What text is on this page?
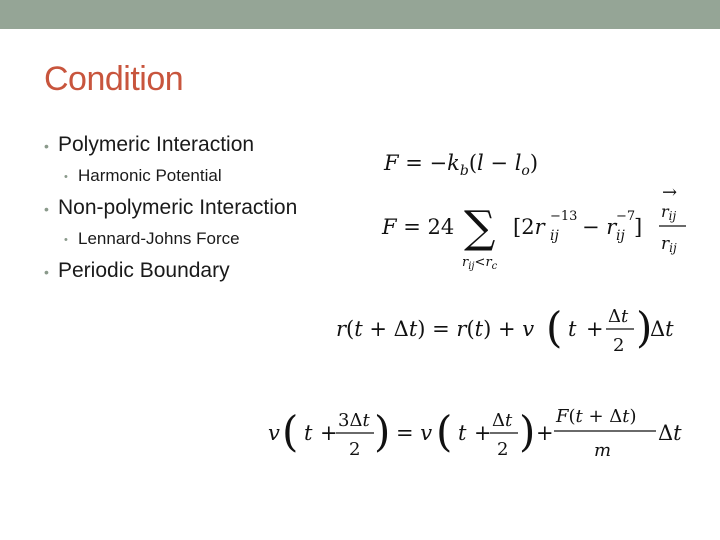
Condition
• Polymeric Interaction
• Harmonic Potential
• Non-polymeric Interaction
• Lennard-Johns Force
• Periodic Boundary
$F = -k_b(l - l_o)$
F = 24 ∑
$r_{ij}<r_c$
[2r −13
ij − r −7
ij ]
→
rij
rij
r(t + Δt) = r(t) + v ( t +
Δt
2 )
Δt
v ( t +
3Δt
2 ) = v ( t +
Δt
2 ) +
F(t + Δt)
m
Δt
